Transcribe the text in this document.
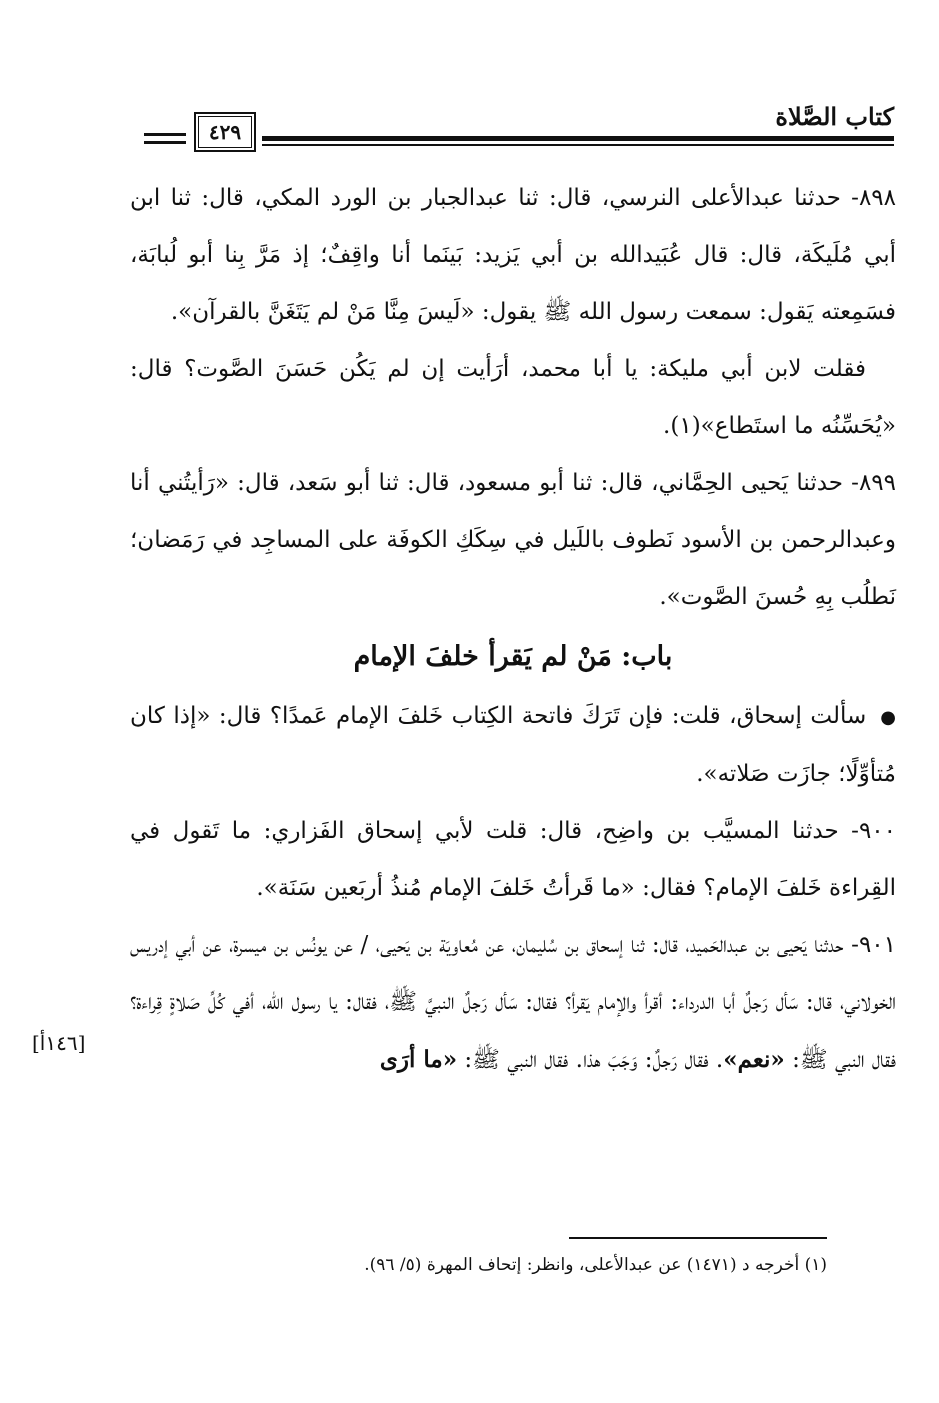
كتاب الصَّلاة
٤٢٩

٨٩٨- حدثنا عبدالأعلى النرسي، قال: ثنا عبدالجبار بن الورد المكي، قال: ثنا ابن أبي مُلَيكَة، قال: قال عُبَيدالله بن أبي يَزيد: بَينَما أنا واقِفٌ؛ إذ مَرَّ بِنا أبو لُبابَة، فسَمِعته يَقول: سمعت رسول الله ﷺ يقول: «لَيسَ مِنَّا مَنْ لم يَتَغَنَّ بالقرآن».

فقلت لابن أبي مليكة: يا أبا محمد، أرَأيت إن لم يَكُن حَسَنَ الصَّوت؟ قال: «يُحَسِّنُه ما استَطاع»(١).

٨٩٩- حدثنا يَحيى الحِمَّاني، قال: ثنا أبو مسعود، قال: ثنا أبو سَعد، قال: «رَأيتُني أنا وعبدالرحمن بن الأسود نَطوف باللَيل في سِكَكِ الكوفَة على المساجِد في رَمَضان؛ نَطلُب بِهِ حُسنَ الصَّوت».

باب: مَنْ لم يَقرأ خلفَ الإمام

●سألت إسحاق، قلت: فإن تَرَكَ فاتحة الكِتاب خَلفَ الإمام عَمدًا؟ قال: «إذا كان مُتأوِّلًا؛ جازَت صَلاته».

٩٠٠- حدثنا المسيَّب بن واضِح، قال: قلت لأبي إسحاق الفَزاري: ما تَقول في القِراءة خَلفَ الإمام؟ فقال: «ما قَرأتُ خَلفَ الإمام مُنذُ أربَعين سَنَة».

٩٠١- حدثنا يَحيى بن عبدالحَميد، قال: ثنا إسحاق بن سُليمان، عن مُعاويَة بن يَحيى، / عن يونُس بن ميسرة، عن أبي إدريس الخولاني، قال: سَأل رَجلٌ أبا الدرداء: أقرأ والإمام يَقرأ؟ فقال: سَأل رَجلٌ النبيَّ ﷺ، فقال: يا رسول الله، أفي كُلِّ صَلاةٍ قِراءة؟ فقال النبي ﷺ: «نعم». فقال رَجلٌ: وَجَبَ هذا. فقال النبي ﷺ: «ما أرَى

[١٤٦أ]
(١) أخرجه د (١٤٧١) عن عبدالأعلى، وانظر: إتحاف المهرة (٥/ ٩٦).
